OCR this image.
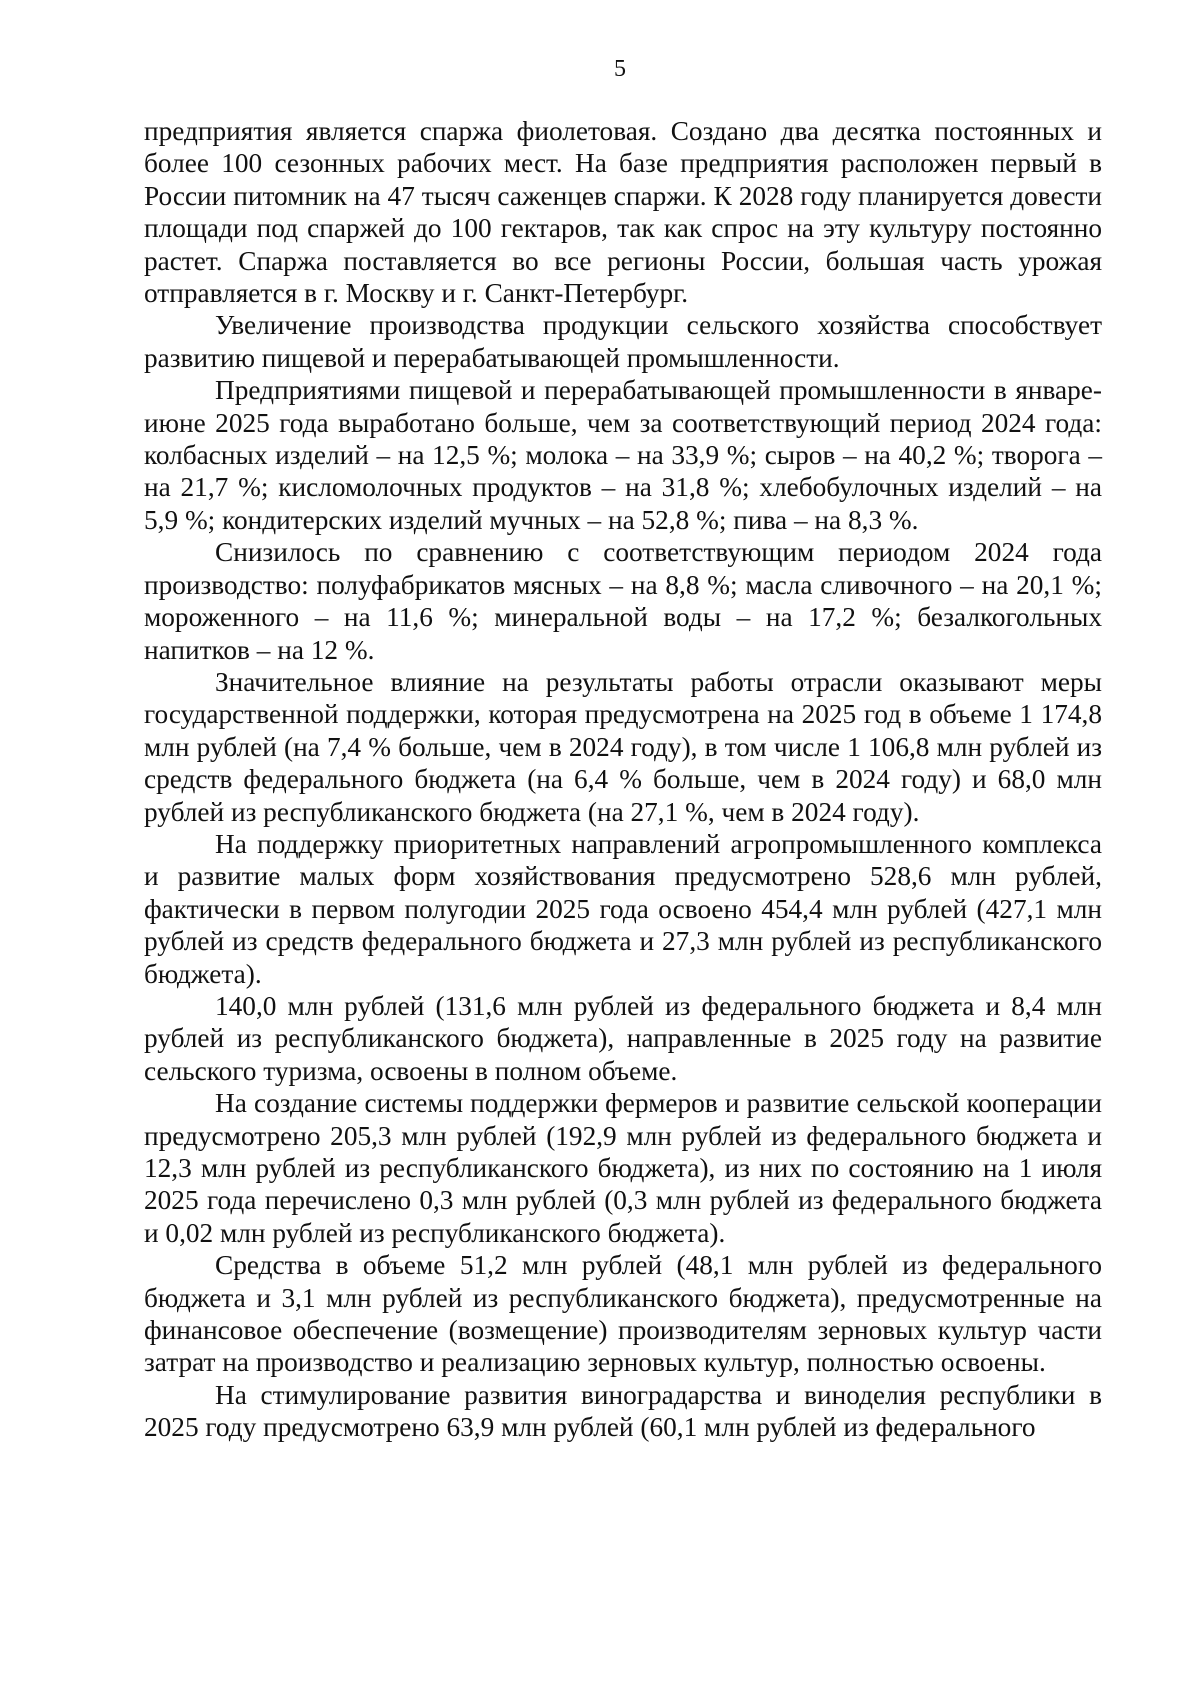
5

предприятия является спаржа фиолетовая. Создано два десятка постоянных и более 100 сезонных рабочих мест. На базе предприятия расположен первый в России питомник на 47 тысяч саженцев спаржи. К 2028 году планируется довести площади под спаржей до 100 гектаров, так как спрос на эту культуру постоянно растет. Спаржа поставляется во все регионы России, большая часть урожая отправляется в г. Москву и г. Санкт-Петербург.

Увеличение производства продукции сельского хозяйства способствует развитию пищевой и перерабатывающей промышленности.

Предприятиями пищевой и перерабатывающей промышленности в январе-июне 2025 года выработано больше, чем за соответствующий период 2024 года: колбасных изделий – на 12,5 %; молока – на 33,9 %; сыров – на 40,2 %; творога – на 21,7 %; кисломолочных продуктов – на 31,8 %; хлебобулочных изделий – на 5,9 %; кондитерских изделий мучных – на 52,8 %; пива – на 8,3 %.

Снизилось по сравнению с соответствующим периодом 2024 года производство: полуфабрикатов мясных – на 8,8 %; масла сливочного – на 20,1 %; мороженного – на 11,6 %; минеральной воды – на 17,2 %; безалкогольных напитков – на 12 %.

Значительное влияние на результаты работы отрасли оказывают меры государственной поддержки, которая предусмотрена на 2025 год в объеме 1 174,8 млн рублей (на 7,4 % больше, чем в 2024 году), в том числе 1 106,8 млн рублей из средств федерального бюджета (на 6,4 % больше, чем в 2024 году) и 68,0 млн рублей из республиканского бюджета (на 27,1 %, чем в 2024 году).

На поддержку приоритетных направлений агропромышленного комплекса и развитие малых форм хозяйствования предусмотрено 528,6 млн рублей, фактически в первом полугодии 2025 года освоено 454,4 млн рублей (427,1 млн рублей из средств федерального бюджета и 27,3 млн рублей из республиканского бюджета).

140,0 млн рублей (131,6 млн рублей из федерального бюджета и 8,4 млн рублей из республиканского бюджета), направленные в 2025 году на развитие сельского туризма, освоены в полном объеме.

На создание системы поддержки фермеров и развитие сельской кооперации предусмотрено 205,3 млн рублей (192,9 млн рублей из федерального бюджета и 12,3 млн рублей из республиканского бюджета), из них по состоянию на 1 июля 2025 года перечислено 0,3 млн рублей (0,3 млн рублей из федерального бюджета и 0,02 млн рублей из республиканского бюджета).

Средства в объеме 51,2 млн рублей (48,1 млн рублей из федерального бюджета и 3,1 млн рублей из республиканского бюджета), предусмотренные на финансовое обеспечение (возмещение) производителям зерновых культур части затрат на производство и реализацию зерновых культур, полностью освоены.

На стимулирование развития виноградарства и виноделия республики в 2025 году предусмотрено 63,9 млн рублей (60,1 млн рублей из федерального
